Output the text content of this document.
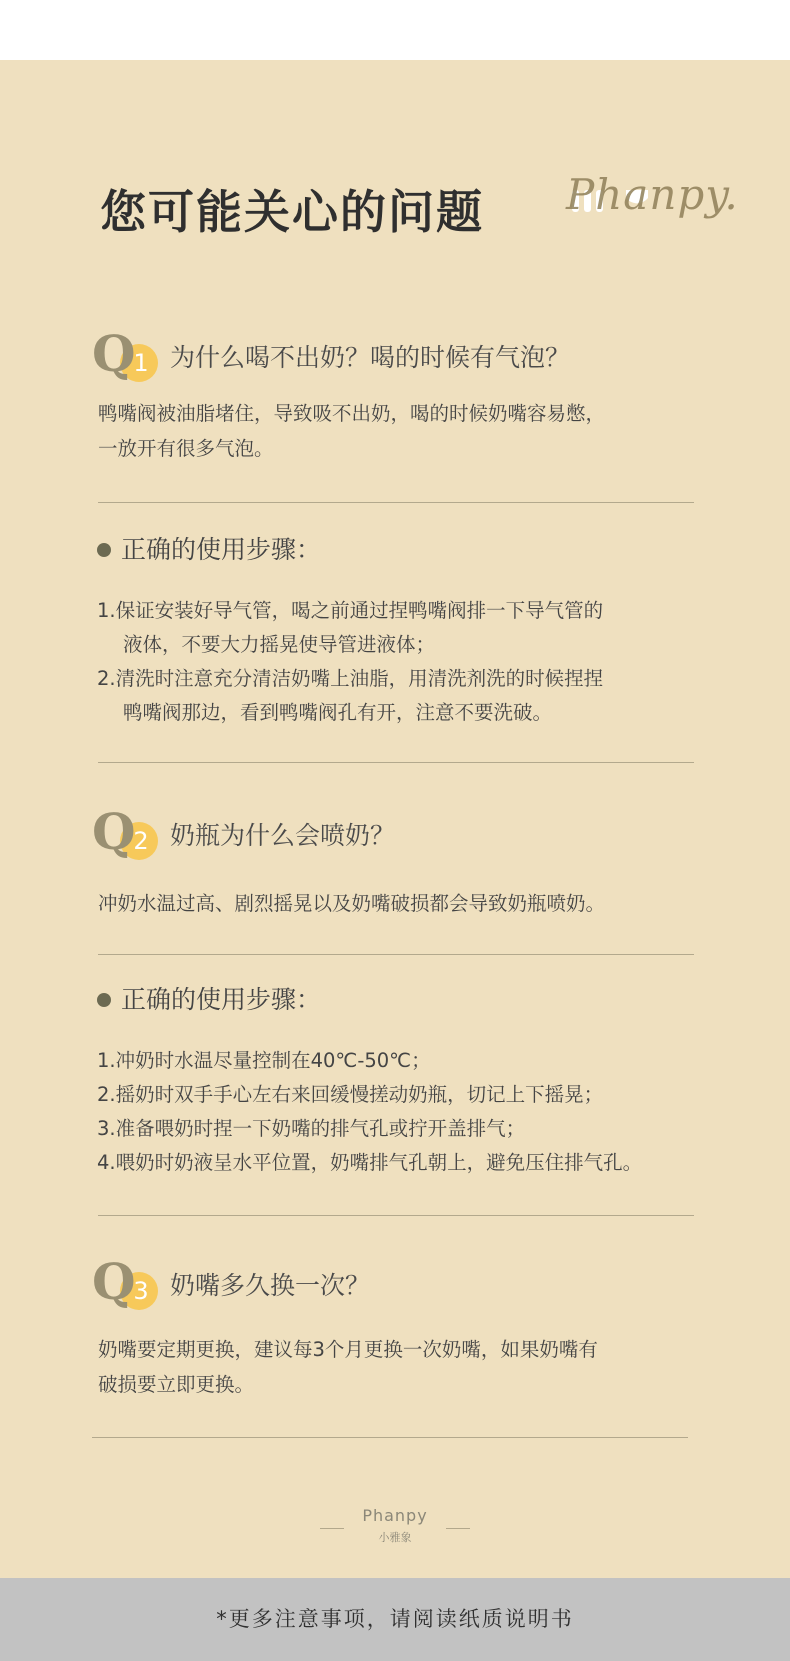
您可能关心的问题 Phanpy.
Q
1 为什么喝不出奶？喝的时候有气泡？

鸭嘴阀被油脂堵住，导致吸不出奶，喝的时候奶嘴容易憋，

一放开有很多气泡。

正确的使用步骤：
1.保证安装好导气管，喝之前通过捏鸭嘴阀排一下导气管的
液体，不要大力摇晃使导管进液体；
2.清洗时注意充分清洁奶嘴上油脂，用清洗剂洗的时候捏捏
鸭嘴阀那边，看到鸭嘴阀孔有开，注意不要洗破。
Q
2 奶瓶为什么会喷奶？

冲奶水温过高、剧烈摇晃以及奶嘴破损都会导致奶瓶喷奶。

正确的使用步骤：
1.冲奶时水温尽量控制在40℃-50℃；
2.摇奶时双手手心左右来回缓慢搓动奶瓶，切记上下摇晃；
3.准备喂奶时捏一下奶嘴的排气孔或拧开盖排气；
4.喂奶时奶液呈水平位置，奶嘴排气孔朝上，避免压住排气孔。
Q
3 奶嘴多久换一次？

奶嘴要定期更换，建议每3个月更换一次奶嘴，如果奶嘴有

破损要立即更换。

Phanpy
小雅象
*更多注意事项，请阅读纸质说明书
